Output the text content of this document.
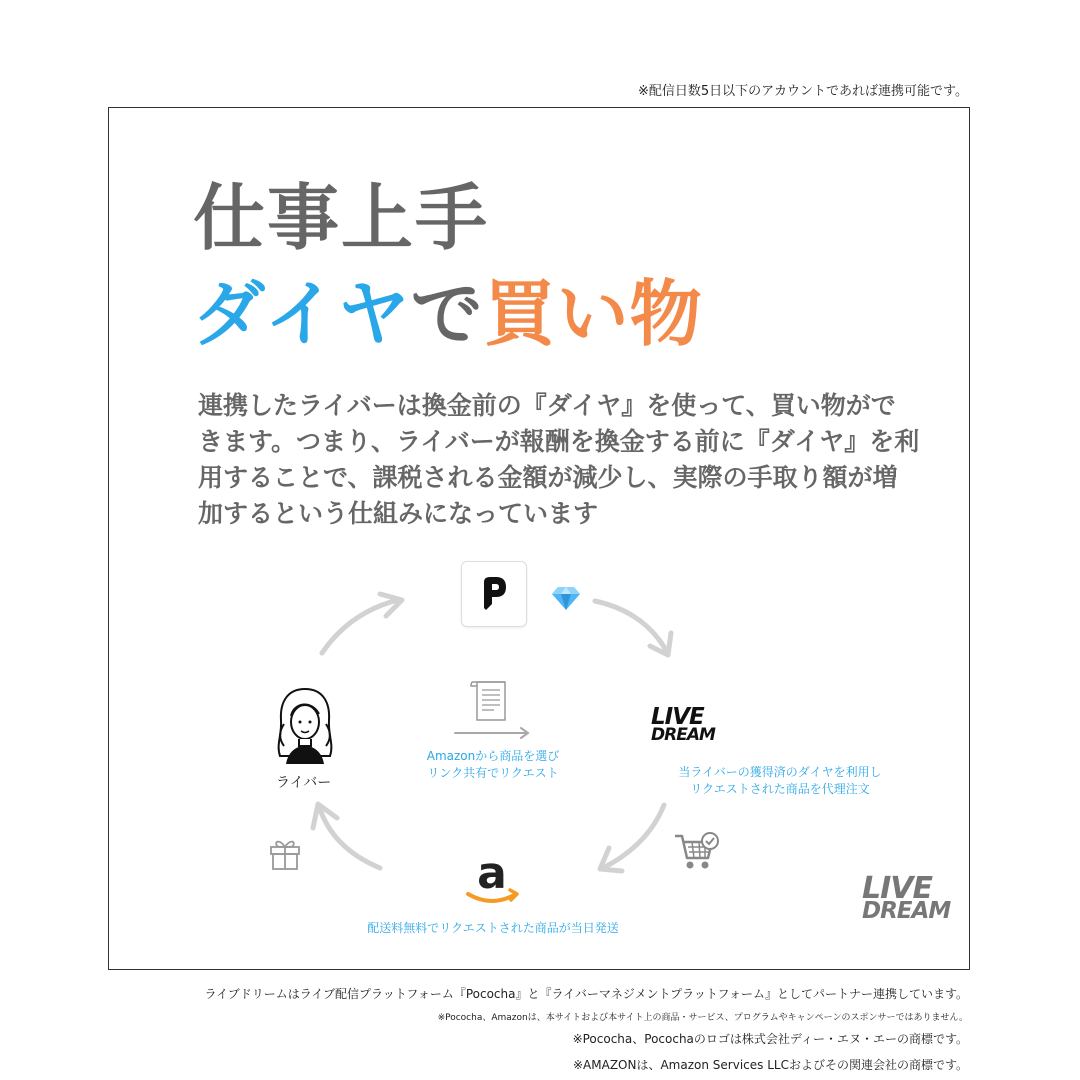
※配信日数5日以下のアカウントであれば連携可能です。
仕事上手
ダイヤで買い物
連携したライバーは換金前の『ダイヤ』を使って、買い物がで
きます。つまり、ライバーが報酬を換金する前に『ダイヤ』を利
用することで、課税される金額が減少し、実際の手取り額が増
加するという仕組みになっています
ライバー
Amazonから商品を選び
リンク共有でリクエスト
LIVE
DREAM
当ライバーの獲得済のダイヤを利用し
リクエストされた商品を代理注文
a
配送料無料でリクエストされた商品が当日発送
LIVE
DREAM
ライブドリームはライブ配信プラットフォーム『Pococha』と『ライバーマネジメントプラットフォーム』としてパートナー連携しています。
※Pococha、Amazonは、本サイトおよび本サイト上の商品・サービス、プログラムやキャンペーンのスポンサーではありません。
※Pococha、Pocochaのロゴは株式会社ディー・エヌ・エーの商標です。
※AMAZONは、Amazon Services LLCおよびその関連会社の商標です。
